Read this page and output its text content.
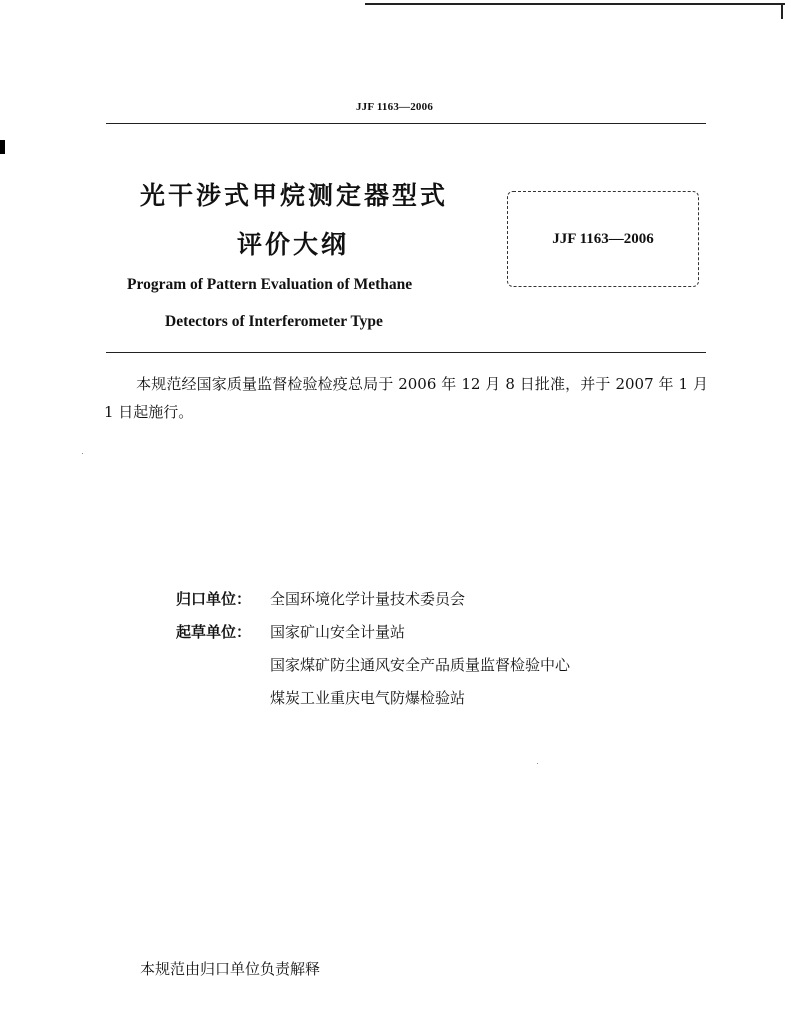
JJF 1163—2006
光干涉式甲烷测定器型式
评价大纲
Program of Pattern Evaluation of Methane
Detectors of Interferometer Type
JJF 1163—2006
本规范经国家质量监督检验检疫总局于 2006 年 12 月 8 日批准，并于 2007 年 1 月 1 日起施行。
归口单位：	全国环境化学计量技术委员会
起草单位：	国家矿山安全计量站
国家煤矿防尘通风安全产品质量监督检验中心
煤炭工业重庆电气防爆检验站
本规范由归口单位负责解释
